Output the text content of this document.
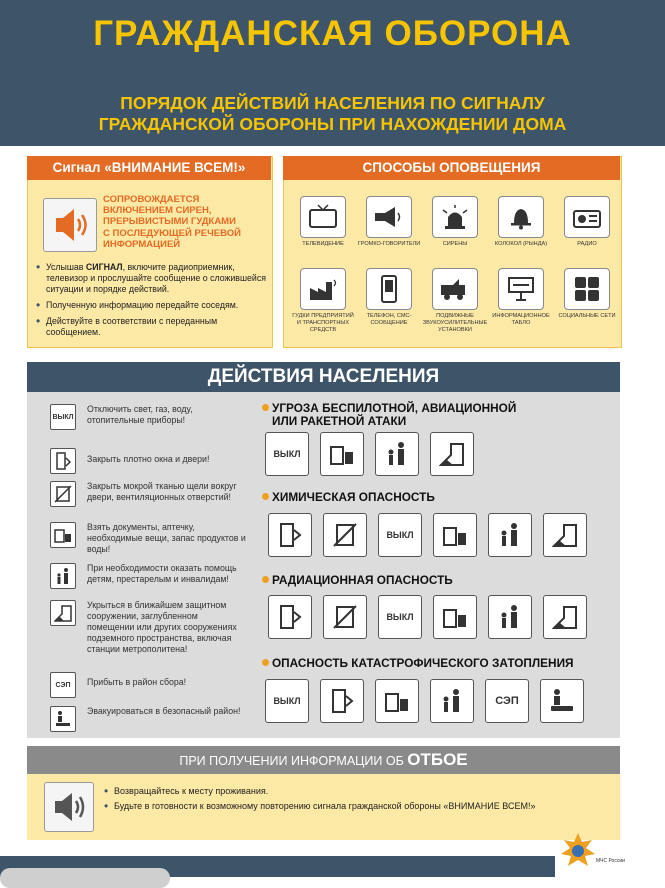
ГРАЖДАНСКАЯ ОБОРОНА
ПОРЯДОК ДЕЙСТВИЙ НАСЕЛЕНИЯ ПО СИГНАЛУ
ГРАЖДАНСКОЙ ОБОРОНЫ ПРИ НАХОЖДЕНИИ ДОМА
Сигнал «ВНИМАНИЕ ВСЕМ!»
СОПРОВОЖДАЕТСЯ
ВКЛЮЧЕНИЕМ СИРЕН,
ПРЕРЫВИСТЫМИ ГУДКАМИ
С ПОСЛЕДУЮЩЕЙ РЕЧЕВОЙ
ИНФОРМАЦИЕЙ
• Услышав СИГНАЛ, включите радиоприемник, телевизор и прослушайте сообщение о сложившейся ситуации и порядке действий.
• Полученную информацию передайте соседям.
• Действуйте в соответствии с переданным сообщением.
СПОСОБЫ ОПОВЕЩЕНИЯ
ТЕЛЕВИДЕНИЕ	ГРОМКО-ГОВОРИТЕЛИ	СИРЕНЫ	КОЛОКОЛ (РЫНДА)	РАДИО
ГУДКИ ПРЕДПРИЯТИЙ И ТРАНСПОРТНЫХ СРЕДСТВ
ТЕЛЕФОН, СМС-СООБЩЕНИЕ
ПОДВИЖНЫЕ ЗВУКОУСИЛИТЕЛЬНЫЕ УСТАНОВКИ
ИНФОРМАЦИОННОЕ ТАБЛО
СОЦИАЛЬНЫЕ СЕТИ
ДЕЙСТВИЯ НАСЕЛЕНИЯ
ВЫКЛ
Отключить свет, газ, воду, отопительные приборы!
Закрыть плотно окна и двери!
Закрыть мокрой тканью щели вокруг двери, вентиляционных отверстий!
Взять документы, аптечку, необходимые вещи, запас продуктов и воды!
При необходимости оказать помощь детям, престарелым и инвалидам!
Укрыться в ближайшем защитном сооружении, заглубленном помещении или других сооружениях подземного пространства, включая станции метрополитена!
СЭП Прибыть в район сбора!
Эвакуироваться в безопасный район!
УГРОЗА БЕСПИЛОТНОЙ, АВИАЦИОННОЙ
ИЛИ РАКЕТНОЙ АТАКИ
ВЫКЛ
ХИМИЧЕСКАЯ ОПАСНОСТЬ
ВЫКЛ
РАДИАЦИОННАЯ ОПАСНОСТЬ
ВЫКЛ
ОПАСНОСТЬ КАТАСТРОФИЧЕСКОГО ЗАТОПЛЕНИЯ
ВЫКЛ	СЭП
ПРИ ПОЛУЧЕНИИ ИНФОРМАЦИИ ОБ ОТБОЕ
• Возвращайтесь к месту проживания.
• Будьте в готовности к возможному повторению сигнала гражданской обороны «ВНИМАНИЕ ВСЕМ!»
МЧС России
